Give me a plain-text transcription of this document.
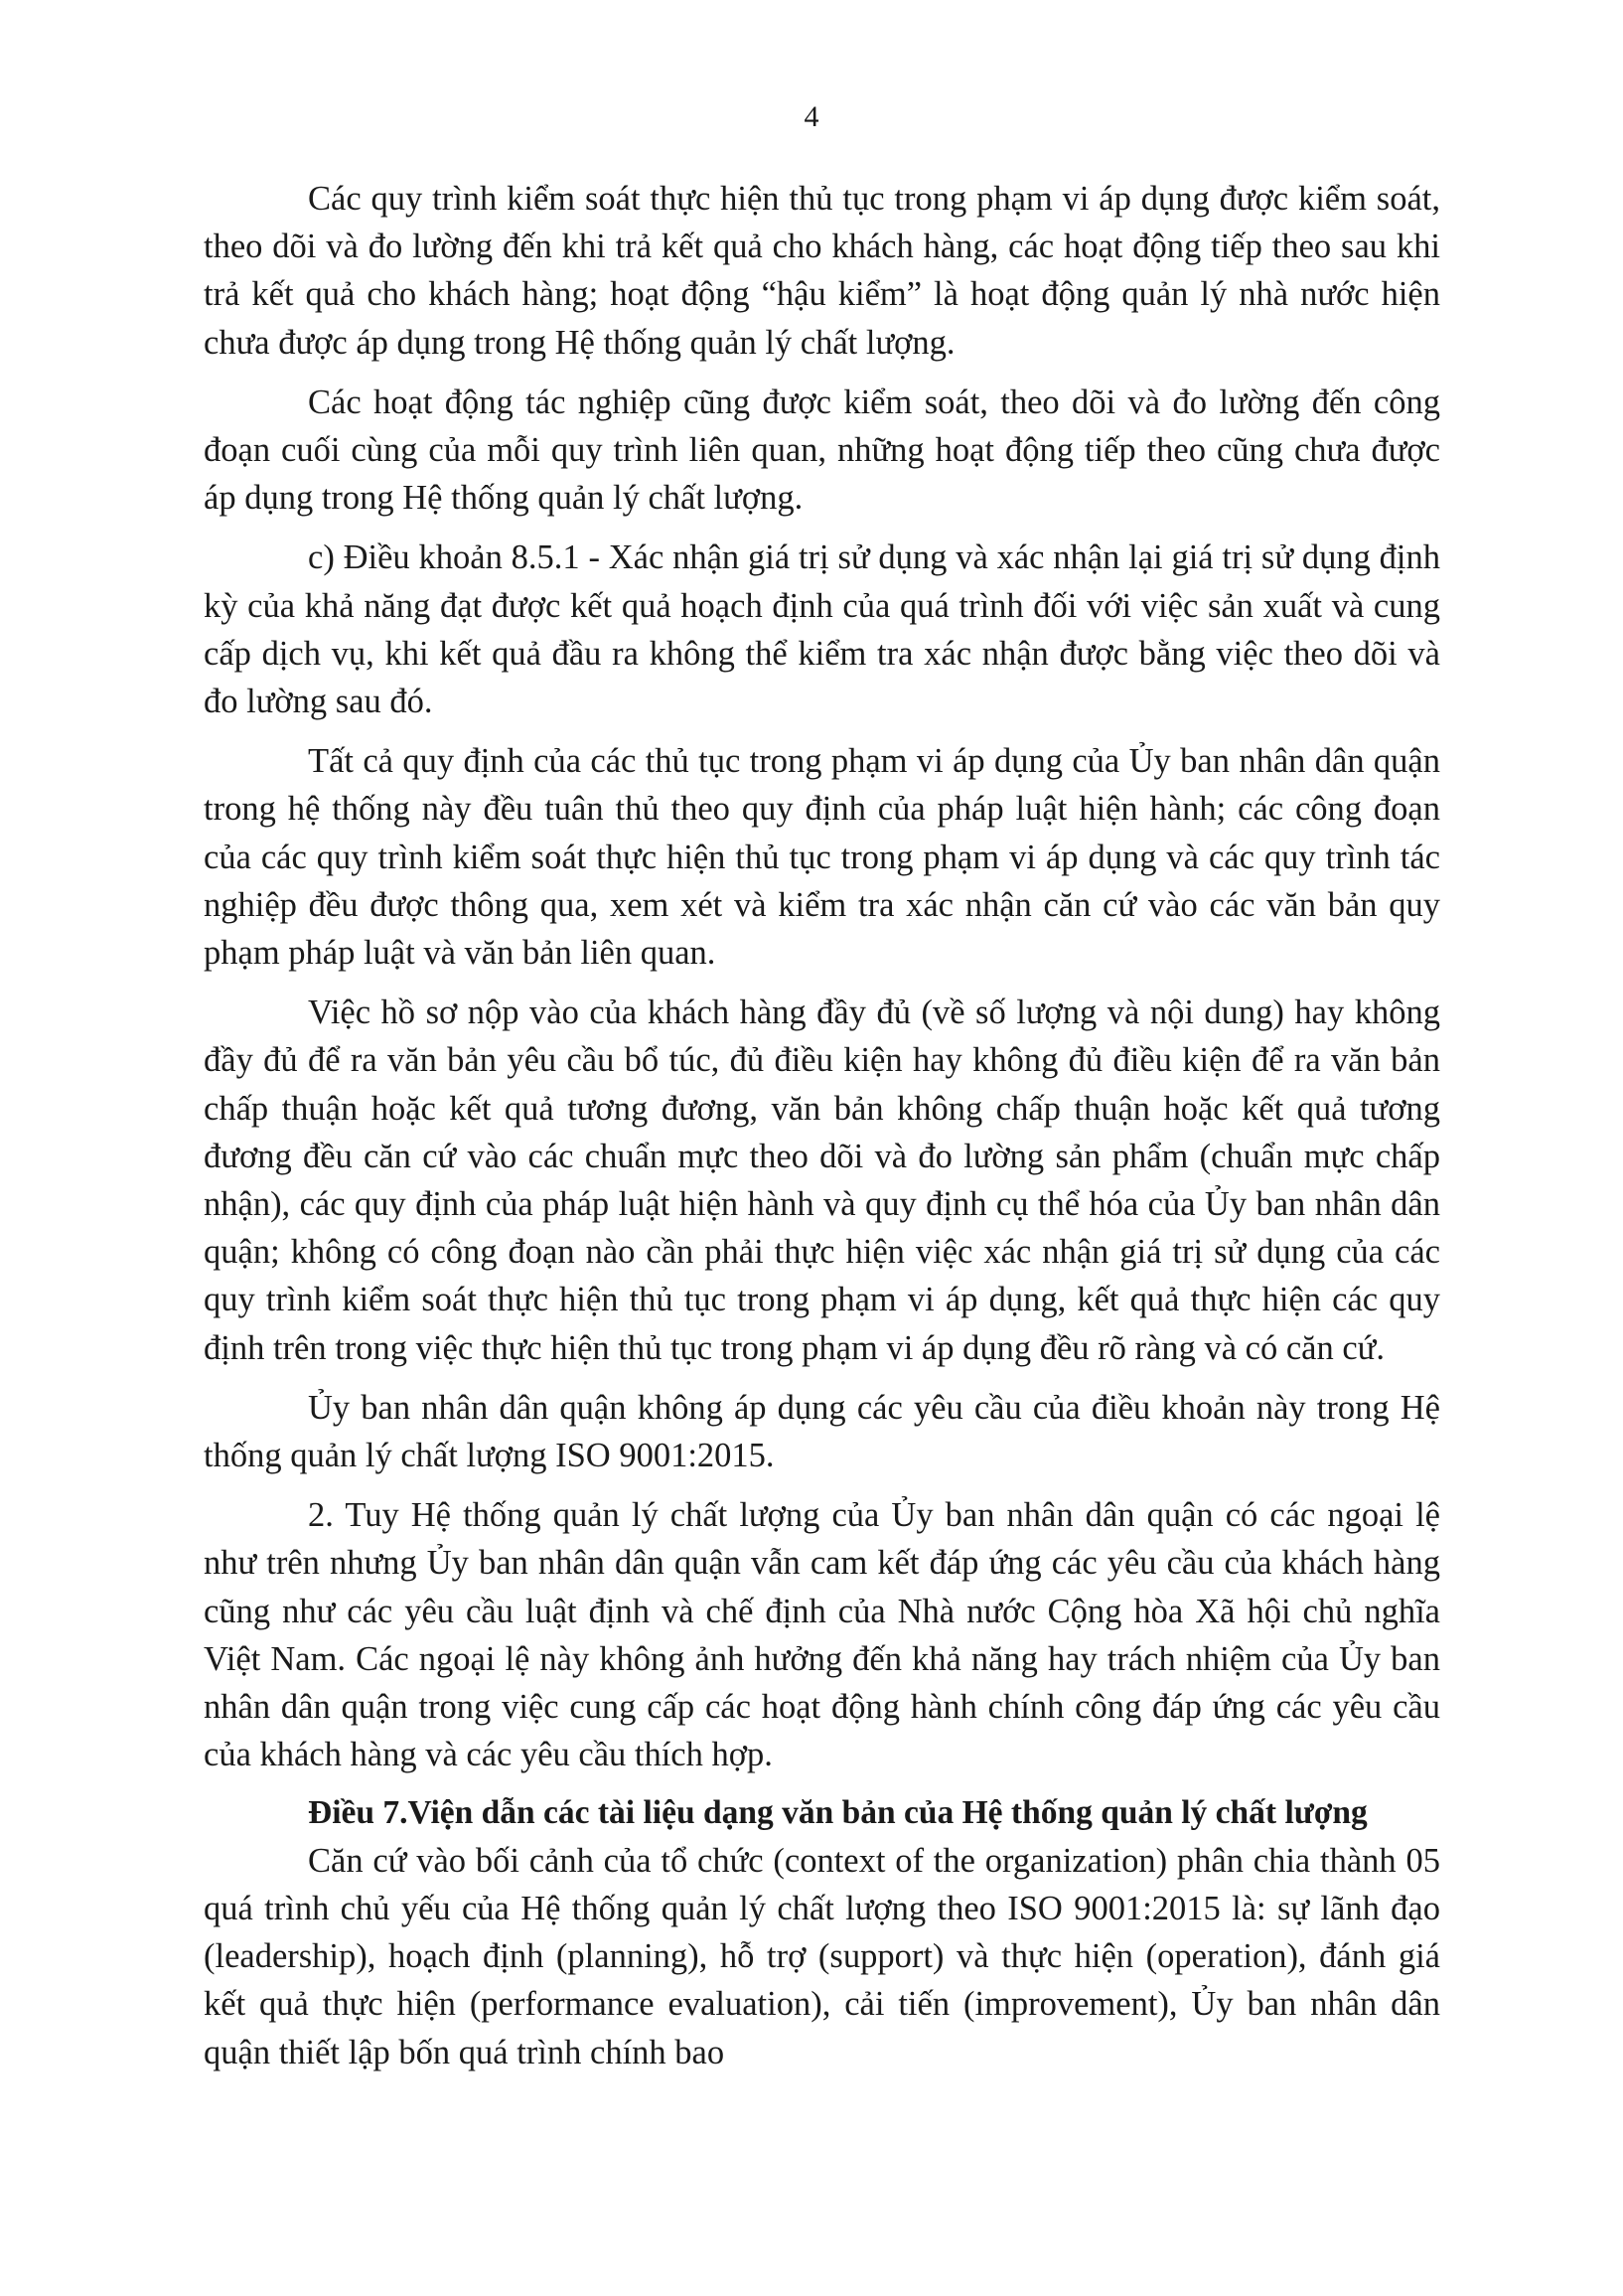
4

Các quy trình kiểm soát thực hiện thủ tục trong phạm vi áp dụng được kiểm soát, theo dõi và đo lường đến khi trả kết quả cho khách hàng, các hoạt động tiếp theo sau khi trả kết quả cho khách hàng; hoạt động “hậu kiểm” là hoạt động quản lý nhà nước hiện chưa được áp dụng trong Hệ thống quản lý chất lượng.

Các hoạt động tác nghiệp cũng được kiểm soát, theo dõi và đo lường đến công đoạn cuối cùng của mỗi quy trình liên quan, những hoạt động tiếp theo cũng chưa được áp dụng trong Hệ thống quản lý chất lượng.

c) Điều khoản 8.5.1 - Xác nhận giá trị sử dụng và xác nhận lại giá trị sử dụng định kỳ của khả năng đạt được kết quả hoạch định của quá trình đối với việc sản xuất và cung cấp dịch vụ, khi kết quả đầu ra không thể kiểm tra xác nhận được bằng việc theo dõi và đo lường sau đó.

Tất cả quy định của các thủ tục trong phạm vi áp dụng của Ủy ban nhân dân quận trong hệ thống này đều tuân thủ theo quy định của pháp luật hiện hành; các công đoạn của các quy trình kiểm soát thực hiện thủ tục trong phạm vi áp dụng và các quy trình tác nghiệp đều được thông qua, xem xét và kiểm tra xác nhận căn cứ vào các văn bản quy phạm pháp luật và văn bản liên quan.

Việc hồ sơ nộp vào của khách hàng đầy đủ (về số lượng và nội dung) hay không đầy đủ để ra văn bản yêu cầu bổ túc, đủ điều kiện hay không đủ điều kiện để ra văn bản chấp thuận hoặc kết quả tương đương, văn bản không chấp thuận hoặc kết quả tương đương đều căn cứ vào các chuẩn mực theo dõi và đo lường sản phẩm (chuẩn mực chấp nhận), các quy định của pháp luật hiện hành và quy định cụ thể hóa của Ủy ban nhân dân quận; không có công đoạn nào cần phải thực hiện việc xác nhận giá trị sử dụng của các quy trình kiểm soát thực hiện thủ tục trong phạm vi áp dụng, kết quả thực hiện các quy định trên trong việc thực hiện thủ tục trong phạm vi áp dụng đều rõ ràng và có căn cứ.

Ủy ban nhân dân quận không áp dụng các yêu cầu của điều khoản này trong Hệ thống quản lý chất lượng ISO 9001:2015.

2. Tuy Hệ thống quản lý chất lượng của Ủy ban nhân dân quận có các ngoại lệ như trên nhưng Ủy ban nhân dân quận vẫn cam kết đáp ứng các yêu cầu của khách hàng cũng như các yêu cầu luật định và chế định của Nhà nước Cộng hòa Xã hội chủ nghĩa Việt Nam. Các ngoại lệ này không ảnh hưởng đến khả năng hay trách nhiệm của Ủy ban nhân dân quận trong việc cung cấp các hoạt động hành chính công đáp ứng các yêu cầu của khách hàng và các yêu cầu thích hợp.

Điều 7.Viện dẫn các tài liệu dạng văn bản của Hệ thống quản lý chất lượng

Căn cứ vào bối cảnh của tổ chức (context of the organization) phân chia thành 05 quá trình chủ yếu của Hệ thống quản lý chất lượng theo ISO 9001:2015 là: sự lãnh đạo (leadership), hoạch định (planning), hỗ trợ (support) và thực hiện (operation), đánh giá kết quả thực hiện (performance evaluation), cải tiến (improvement), Ủy ban nhân dân quận thiết lập bốn quá trình chính bao
